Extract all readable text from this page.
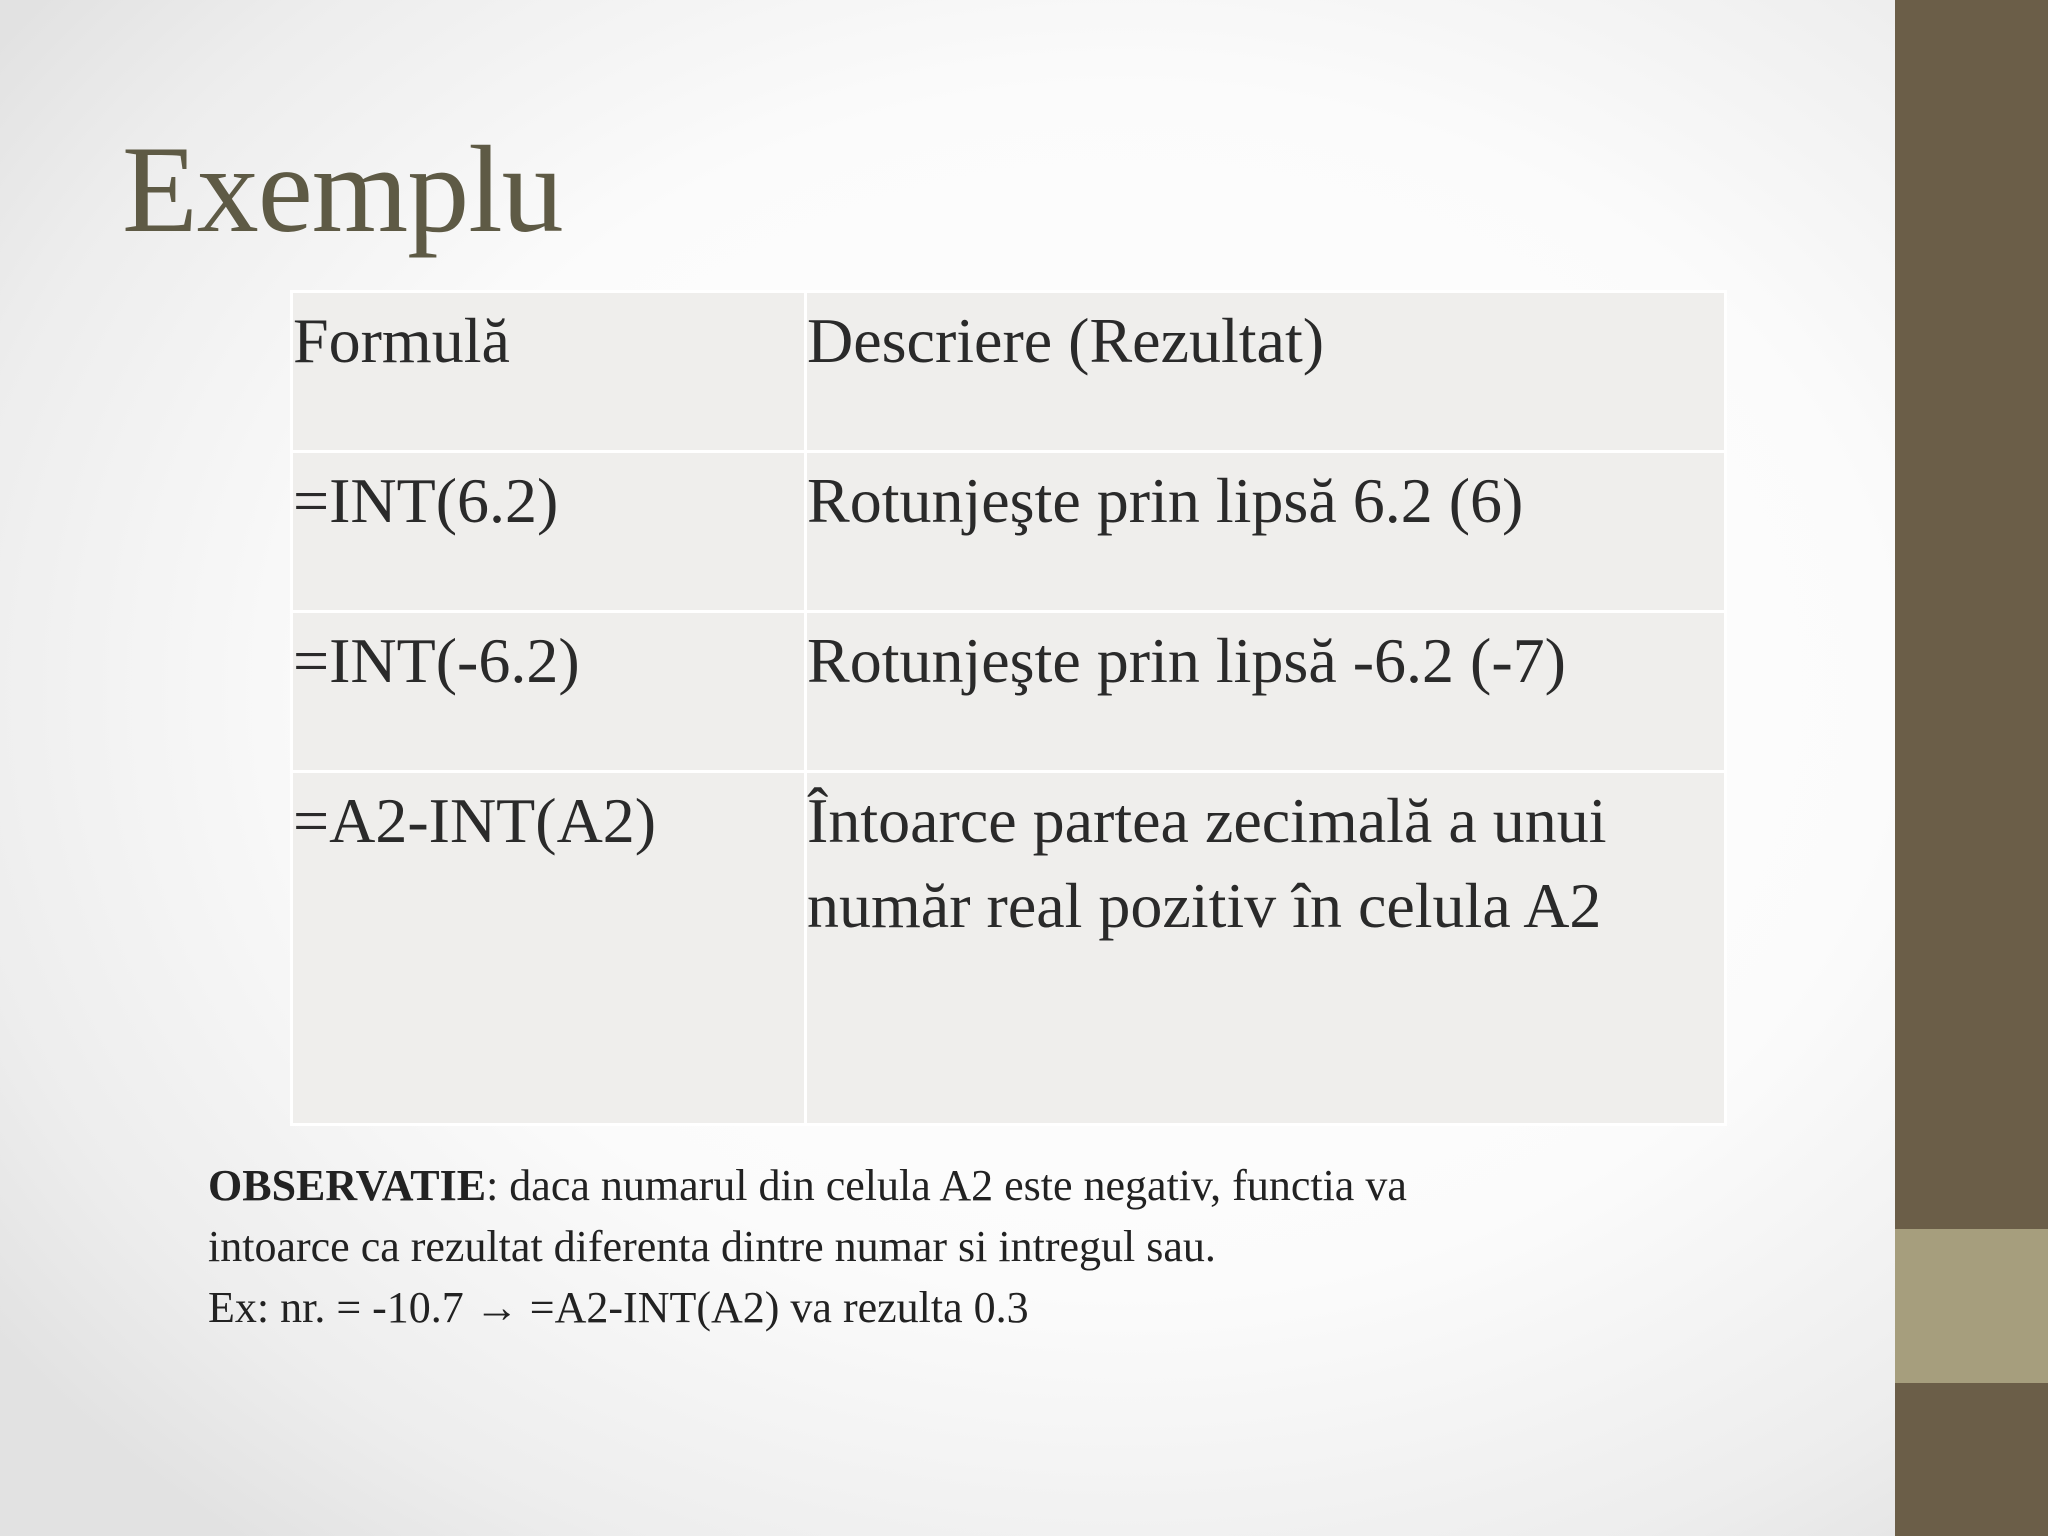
Exemplu
Formulă	Descriere (Rezultat)
=INT(6.2)	Rotunjeşte prin lipsă 6.2 (6)
=INT(-6.2)	Rotunjeşte prin lipsă -6.2 (-7)
=A2-INT(A2)	Întoarce partea zecimală a unui număr real pozitiv în celula A2
OBSERVATIE: daca numarul din celula A2 este negativ, functia va
intoarce ca rezultat diferenta dintre numar si intregul sau.
Ex: nr. = -10.7 → =A2-INT(A2) va rezulta 0.3
